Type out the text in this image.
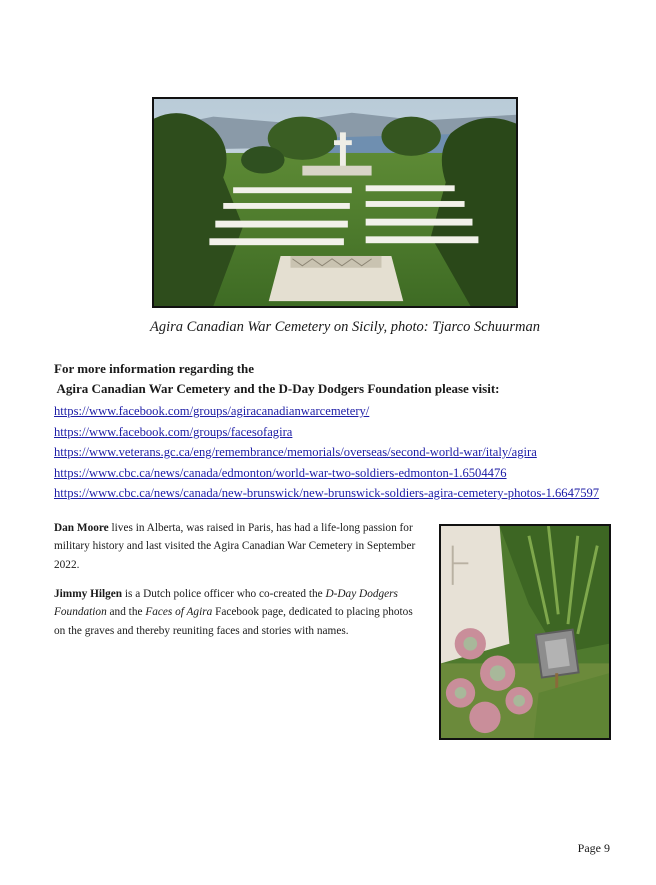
Agira Canadian War Cemetery on Sicily, photo: Tjarco Schuurman

For more information regarding the

Agira Canadian War Cemetery and the D-Day Dodgers Foundation please visit:

https://www.facebook.com/groups/agiracanadianwarcemetery/
https://www.facebook.com/groups/facesofagira
https://www.veterans.gc.ca/eng/remembrance/memorials/overseas/second-world-war/italy/agira
https://www.cbc.ca/news/canada/edmonton/world-war-two-soldiers-edmonton-1.6504476
https://www.cbc.ca/news/canada/new-brunswick/new-brunswick-soldiers-agira-cemetery-photos-1.6647597

Dan Moore lives in Alberta, was raised in Paris, has had a life-long passion for military history and last visited the Agira Canadian War Cemetery in September 2022.

Jimmy Hilgen is a Dutch police officer who co-created the D-Day Dodgers Foundation and the Faces of Agira Facebook page, dedicated to placing photos on the graves and thereby reuniting faces and stories with names.

Page 9
